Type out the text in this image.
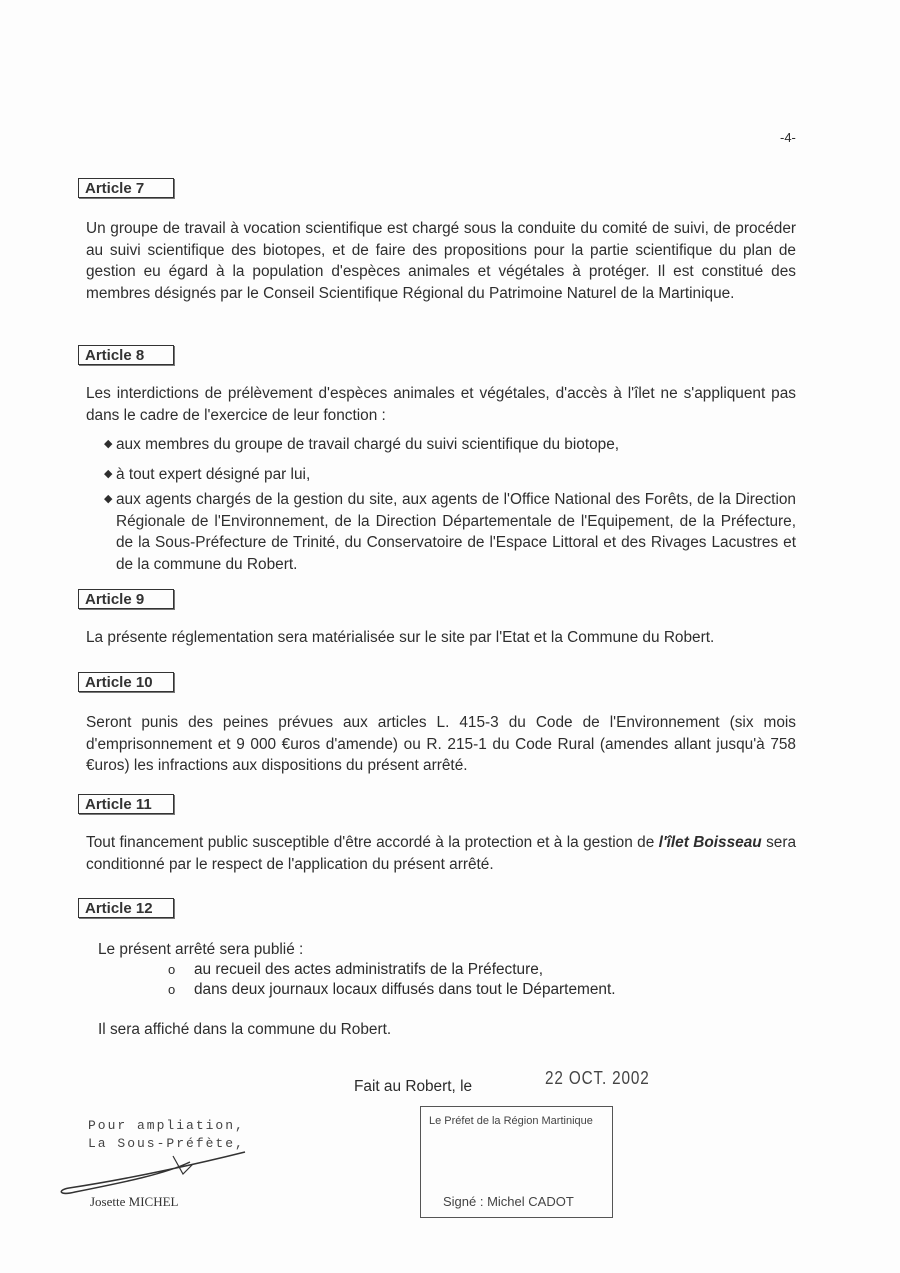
-4-
Article 7
Un groupe de travail à vocation scientifique est chargé sous la conduite du comité de suivi, de procéder au suivi scientifique des biotopes, et de faire des propositions pour la partie scientifique du plan de gestion eu égard à la population d'espèces animales et végétales à protéger. Il est constitué des membres désignés par le Conseil Scientifique Régional du Patrimoine Naturel de la Martinique.
Article 8
Les interdictions de prélèvement d'espèces animales et végétales, d'accès à l'îlet ne s'appliquent pas dans le cadre de l'exercice de leur fonction :
◆ aux membres du groupe de travail chargé du suivi scientifique du biotope,
◆ à tout expert désigné par lui,
◆ aux agents chargés de la gestion du site, aux agents de l'Office National des Forêts, de la Direction Régionale de l'Environnement, de la Direction Départementale de l'Equipement, de la Préfecture, de la Sous-Préfecture de Trinité, du Conservatoire de l'Espace Littoral et des Rivages Lacustres et de la commune du Robert.
Article 9
La présente réglementation sera matérialisée sur le site par l'Etat et la Commune du Robert.
Article 10
Seront punis des peines prévues aux articles L. 415-3 du Code de l'Environnement (six mois d'emprisonnement et 9 000 €uros d'amende) ou R. 215-1 du Code Rural (amendes allant jusqu'à 758 €uros) les infractions aux dispositions du présent arrêté.
Article 11
Tout financement public susceptible d'être accordé à la protection et à la gestion de l'îlet Boisseau sera conditionné par le respect de l'application du présent arrêté.
Article 12
Le présent arrêté sera publié :
o au recueil des actes administratifs de la Préfecture,
o dans deux journaux locaux diffusés dans tout le Département.
Il sera affiché dans la commune du Robert.
Fait au Robert, le	22 OCT. 2002
Pour ampliation,
La Sous-Préfète,
Josette MICHEL
Le Préfet de la Région Martinique
Signé : Michel CADOT
